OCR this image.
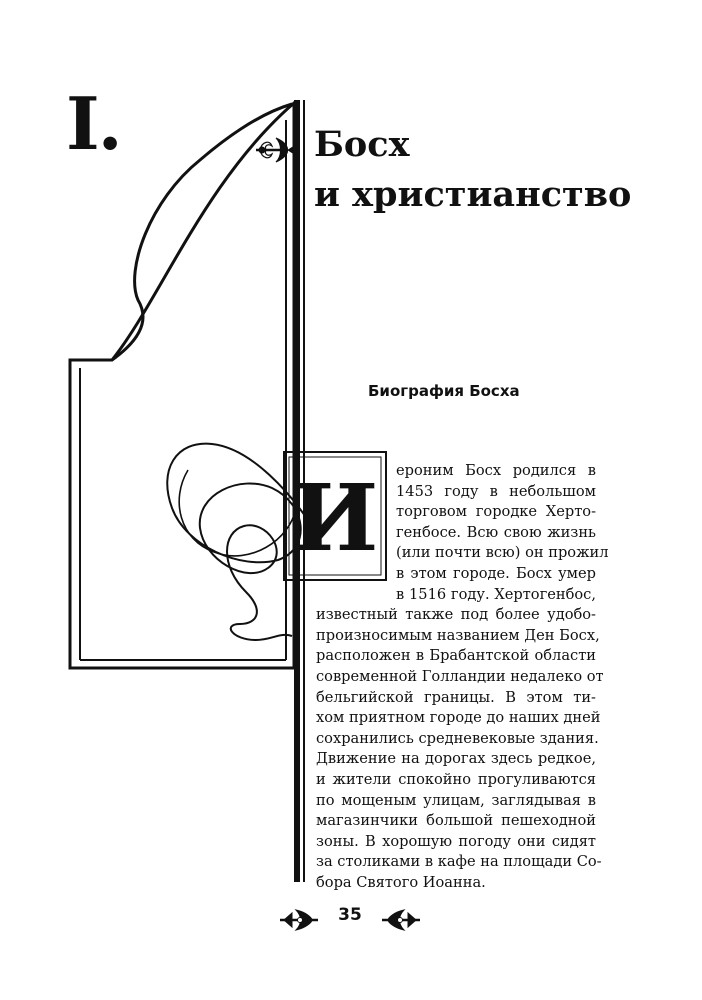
I.	Босх
и христианство
Биография Босха
И ероним Босх родился в
1453 году в небольшом
торговом городке Херто-
генбосе. Всю свою жизнь
(или почти всю) он прожил
в этом городе. Босх умер
в 1516 году. Хертогенбос,
известный также под более удобо-
произносимым названием Ден Босх,
расположен в Брабантской области
современной Голландии недалеко от
бельгийской границы. В этом ти-
хом приятном городе до наших дней
сохранились средневековые здания.
Движение на дорогах здесь редкое,
и жители спокойно прогуливаются
по мощеным улицам, заглядывая в
магазинчики большой пешеходной
зоны. В хорошую погоду они сидят
за столиками в кафе на площади Со-
бора Святого Иоанна.
35
